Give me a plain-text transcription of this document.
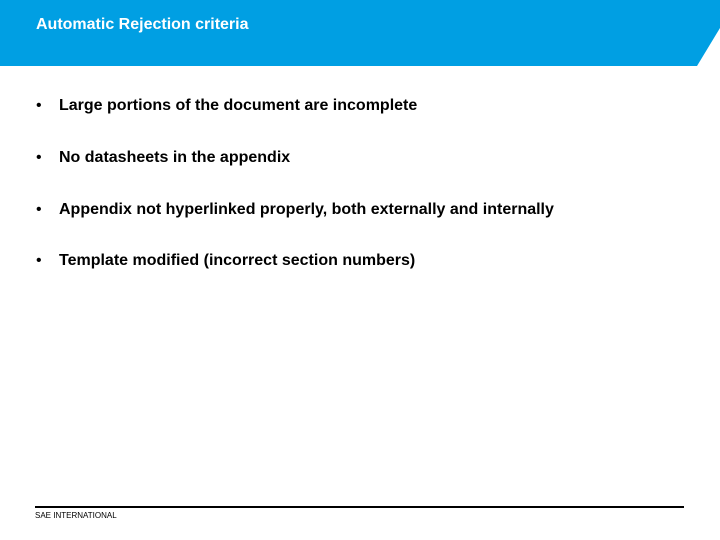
Automatic Rejection criteria
• Large portions of the document are incomplete
• No datasheets in the appendix
• Appendix not hyperlinked properly, both externally and internally
• Template modified (incorrect section numbers)
SAE INTERNATIONAL
